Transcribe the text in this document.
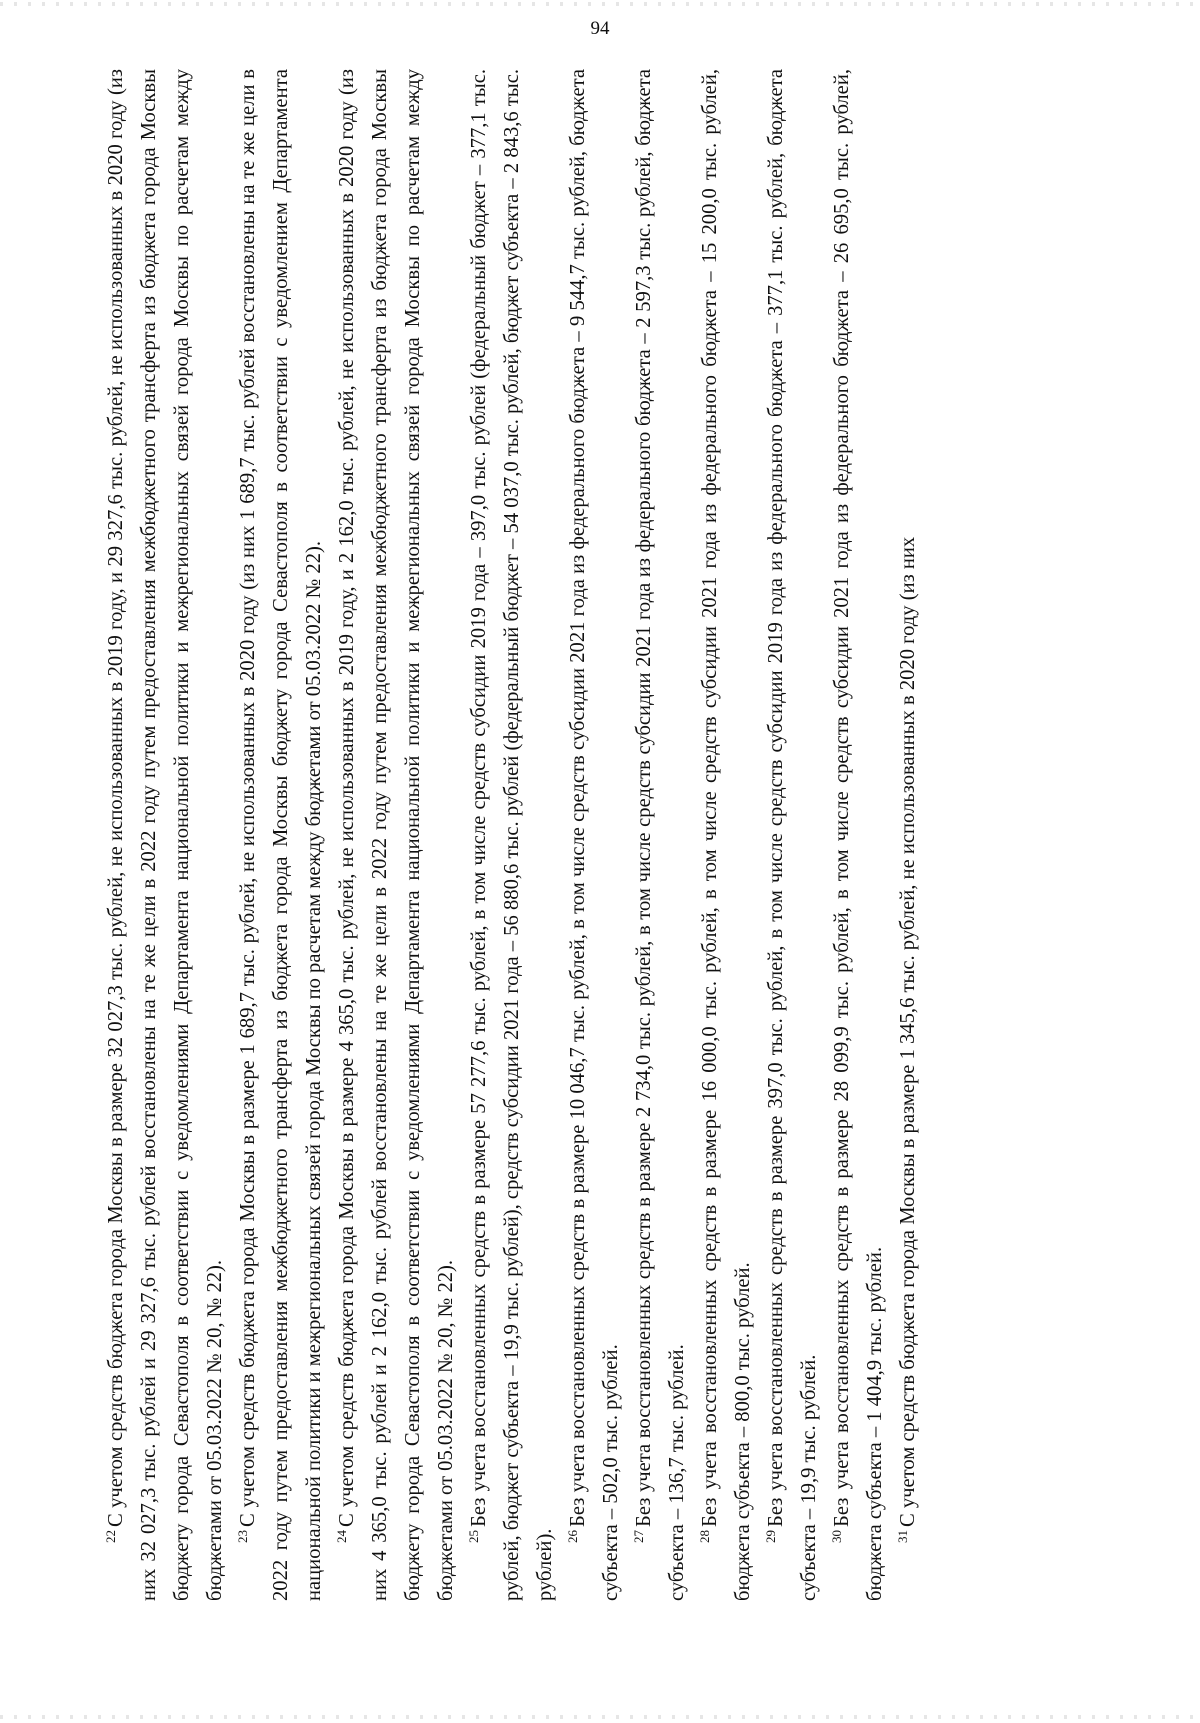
94

$^{22}$С учетом средств бюджета города Москвы в размере 32 027,3 тыс. рублей, не использованных в 2019 году, и 29 327,6 тыс. рублей, не использованных в 2020 году (из них 32 027,3 тыс. рублей и 29 327,6 тыс. рублей восстановлены на те же цели в 2022 году путем предоставления межбюджетного трансферта из бюджета города Москвы бюджету города Севастополя в соответствии с уведомлениями Департамента национальной политики и межрегиональных связей города Москвы по расчетам между бюджетами от 05.03.2022 № 20, № 22). $^{23}$С учетом средств бюджета города Москвы в размере 1 689,7 тыс. рублей, не использованных в 2020 году (из них 1 689,7 тыс. рублей восстановлены на те же цели в 2022 году путем предоставления межбюджетного трансферта из бюджета города Москвы бюджету города Севастополя в соответствии с уведомлением Департамента национальной политики и межрегиональных связей города Москвы по расчетам между бюджетами от 05.03.2022 № 22). $^{24}$С учетом средств бюджета города Москвы в размере 4 365,0 тыс. рублей, не использованных в 2019 году, и 2 162,0 тыс. рублей, не использованных в 2020 году (из них 4 365,0 тыс. рублей и 2 162,0 тыс. рублей восстановлены на те же цели в 2022 году путем предоставления межбюджетного трансферта из бюджета города Москвы бюджету города Севастополя в соответствии с уведомлениями Департамента национальной политики и межрегиональных связей города Москвы по расчетам между бюджетами от 05.03.2022 № 20, № 22). $^{25}$Без учета восстановленных средств в размере 57 277,6 тыс. рублей, в том числе средств субсидии 2019 года – 397,0 тыс. рублей (федеральный бюджет – 377,1 тыс. рублей, бюджет субъекта – 19,9 тыс. рублей), средств субсидии 2021 года – 56 880,6 тыс. рублей (федеральный бюджет – 54 037,0 тыс. рублей, бюджет субъекта – 2 843,6 тыс. рублей). $^{26}$Без учета восстановленных средств в размере 10 046,7 тыс. рублей, в том числе средств субсидии 2021 года из федерального бюджета – 9 544,7 тыс. рублей, бюджета субъекта – 502,0 тыс. рублей. $^{27}$Без учета восстановленных средств в размере 2 734,0 тыс. рублей, в том числе средств субсидии 2021 года из федерального бюджета – 2 597,3 тыс. рублей, бюджета субъекта – 136,7 тыс. рублей. $^{28}$Без учета восстановленных средств в размере 16 000,0 тыс. рублей, в том числе средств субсидии 2021 года из федерального бюджета – 15 200,0 тыс. рублей, бюджета субъекта – 800,0 тыс. рублей. $^{29}$Без учета восстановленных средств в размере 397,0 тыс. рублей, в том числе средств субсидии 2019 года из федерального бюджета – 377,1 тыс. рублей, бюджета субъекта – 19,9 тыс. рублей. $^{30}$Без учета восстановленных средств в размере 28 099,9 тыс. рублей, в том числе средств субсидии 2021 года из федерального бюджета – 26 695,0 тыс. рублей, бюджета субъекта – 1 404,9 тыс. рублей. $^{31}$С учетом средств бюджета города Москвы в размере 1 345,6 тыс. рублей, не использованных в 2020 году (из них
